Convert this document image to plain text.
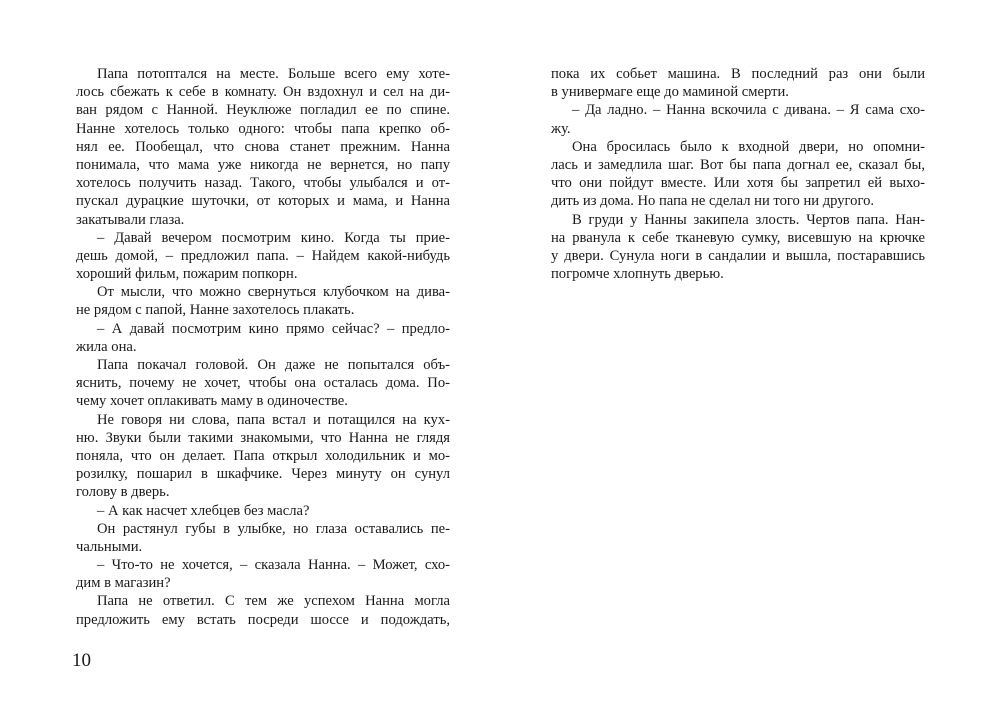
Папа потоптался на месте. Больше всего ему хоте-
лось сбежать к себе в комнату. Он вздохнул и сел на ди-
ван рядом с Нанной. Неуклюже погладил ее по спине.
Нанне хотелось только одного: чтобы папа крепко об-
нял ее. Пообещал, что снова станет прежним. Нанна
понимала, что мама уже никогда не вернется, но папу
хотелось получить назад. Такого, чтобы улыбался и от-
пускал дурацкие шуточки, от которых и мама, и Нанна
закатывали глаза.
– Давай вечером посмотрим кино. Когда ты прие-
дешь домой, – предложил папа. – Найдем какой-нибудь
хороший фильм, пожарим попкорн.
От мысли, что можно свернуться клубочком на дива-
не рядом с папой, Нанне захотелось плакать.
– А давай посмотрим кино прямо сейчас? – предло-
жила она.
Папа покачал головой. Он даже не попытался объ-
яснить, почему не хочет, чтобы она осталась дома. По-
чему хочет оплакивать маму в одиночестве.
Не говоря ни слова, папа встал и потащился на кух-
ню. Звуки были такими знакомыми, что Нанна не глядя
поняла, что он делает. Папа открыл холодильник и мо-
розилку, пошарил в шкафчике. Через минуту он сунул
голову в дверь.
– А как насчет хлебцев без масла?
Он растянул губы в улыбке, но глаза оставались пе-
чальными.
– Что-то не хочется, – сказала Нанна. – Может, схо-
дим в магазин?
Папа не ответил. С тем же успехом Нанна могла
предложить ему встать посреди шоссе и подождать,
пока их собьет машина. В последний раз они были
в универмаге еще до маминой смерти.
– Да ладно. – Нанна вскочила с дивана. – Я сама схо-
жу.
Она бросилась было к входной двери, но опомни-
лась и замедлила шаг. Вот бы папа догнал ее, сказал бы,
что они пойдут вместе. Или хотя бы запретил ей выхо-
дить из дома. Но папа не сделал ни того ни другого.
В груди у Нанны закипела злость. Чертов папа. Нан-
на рванула к себе тканевую сумку, висевшую на крючке
у двери. Сунула ноги в сандалии и вышла, постаравшись
погромче хлопнуть дверью.
10
